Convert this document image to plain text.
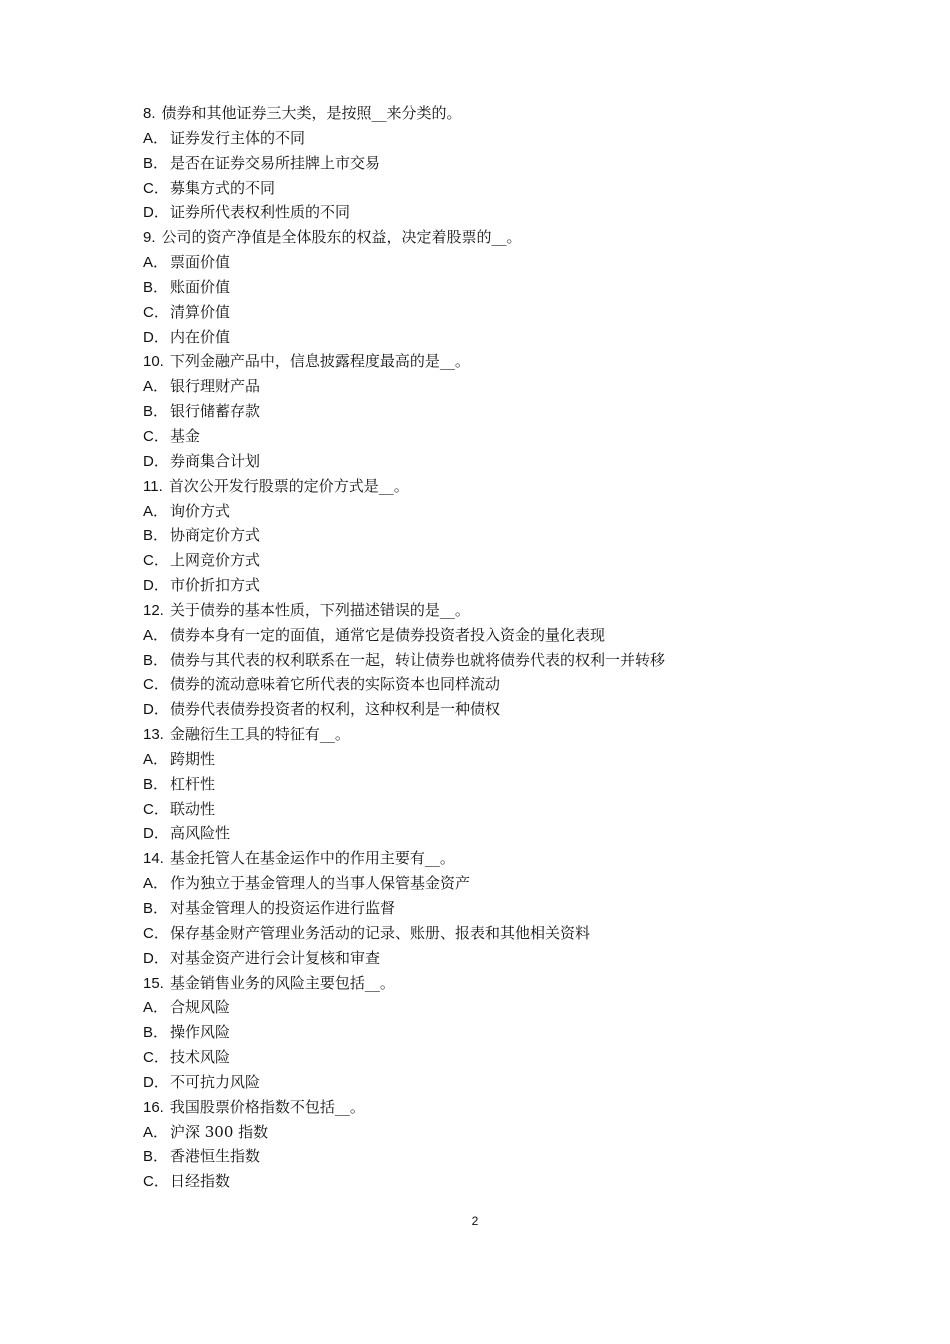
8. 债券和其他证券三大类，是按照__来分类的。
A． 证券发行主体的不同
B． 是否在证券交易所挂牌上市交易
C．募集方式的不同
D．证券所代表权利性质的不同
9. 公司的资产净值是全体股东的权益，决定着股票的__。
A． 票面价值
B． 账面价值
C．清算价值
D．内在价值
10. 下列金融产品中，信息披露程度最高的是__。
A． 银行理财产品
B． 银行储蓄存款
C．基金
D．券商集合计划
11. 首次公开发行股票的定价方式是__。
A． 询价方式
B． 协商定价方式
C．上网竞价方式
D．市价折扣方式
12. 关于债券的基本性质，下列描述错误的是__。
A． 债券本身有一定的面值，通常它是债券投资者投入资金的量化表现
B． 债券与其代表的权利联系在一起，转让债券也就将债券代表的权利一并转移
C．债券的流动意味着它所代表的实际资本也同样流动
D．债券代表债券投资者的权利，这种权利是一种债权
13. 金融衍生工具的特征有__。
A． 跨期性
B． 杠杆性
C．联动性
D．高风险性
14. 基金托管人在基金运作中的作用主要有__。
A． 作为独立于基金管理人的当事人保管基金资产
B． 对基金管理人的投资运作进行监督
C．保存基金财产管理业务活动的记录、账册、报表和其他相关资料
D．对基金资产进行会计复核和审查
15. 基金销售业务的风险主要包括__。
A． 合规风险
B． 操作风险
C．技术风险
D．不可抗力风险
16. 我国股票价格指数不包括__。
A． 沪深 300 指数
B． 香港恒生指数
C．日经指数
2
